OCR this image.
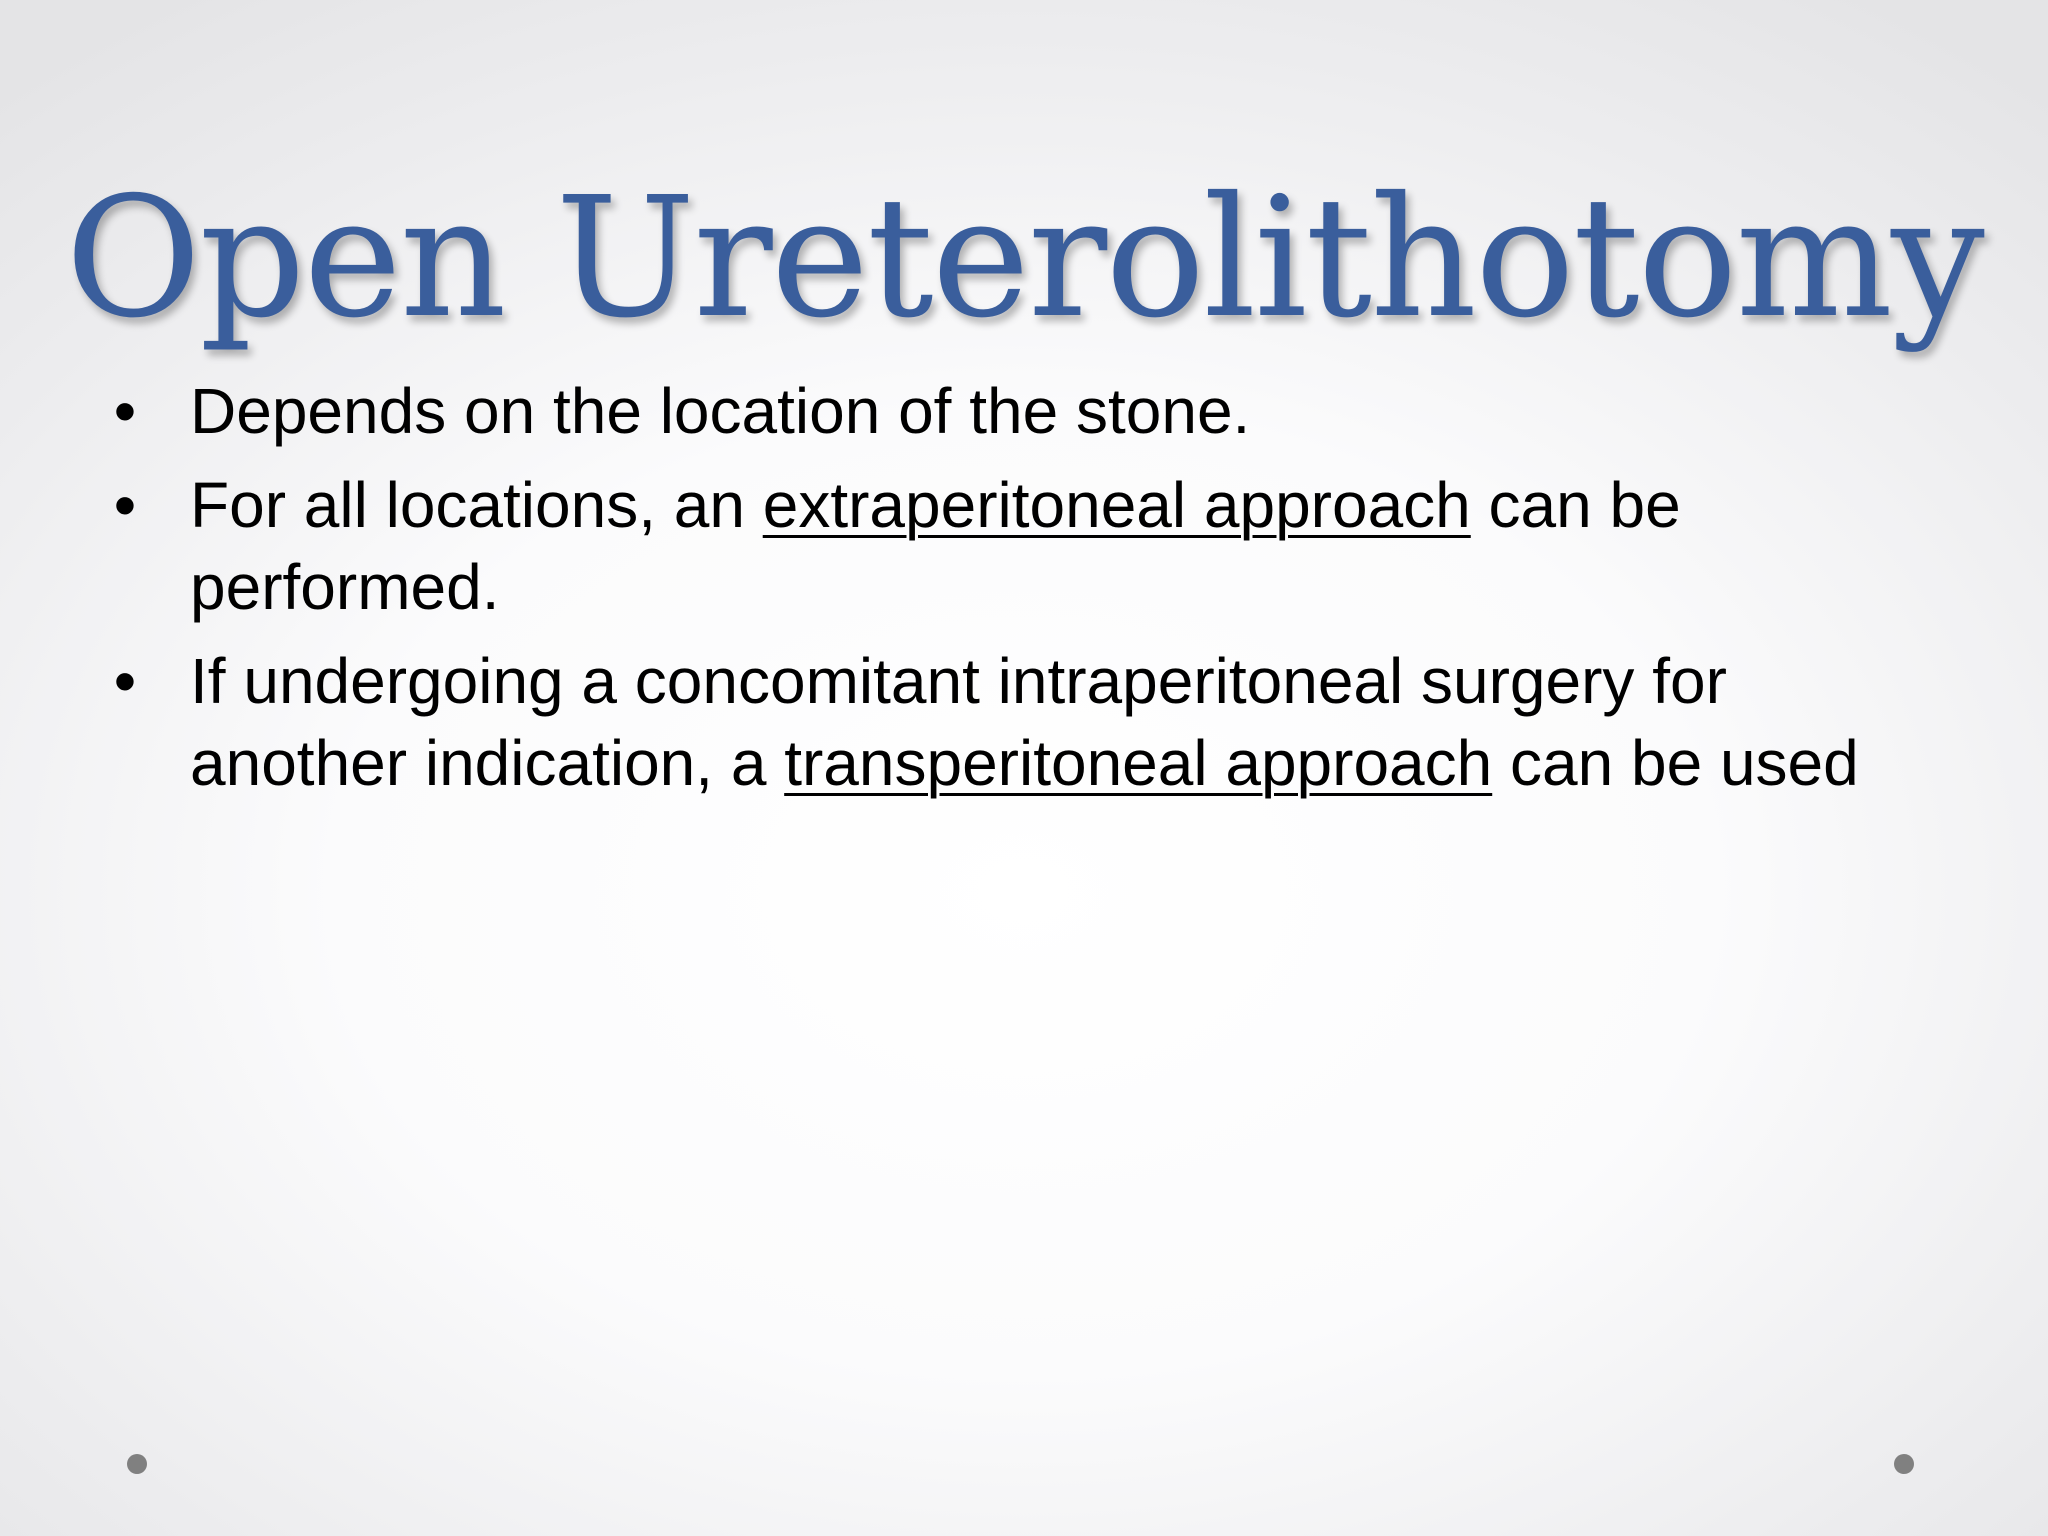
Open Ureterolithotomy
• Depends on the location of the stone.
• For all locations, an extraperitoneal approach can be performed.
• If undergoing a concomitant intraperitoneal surgery for another indication, a transperitoneal approach can be used
